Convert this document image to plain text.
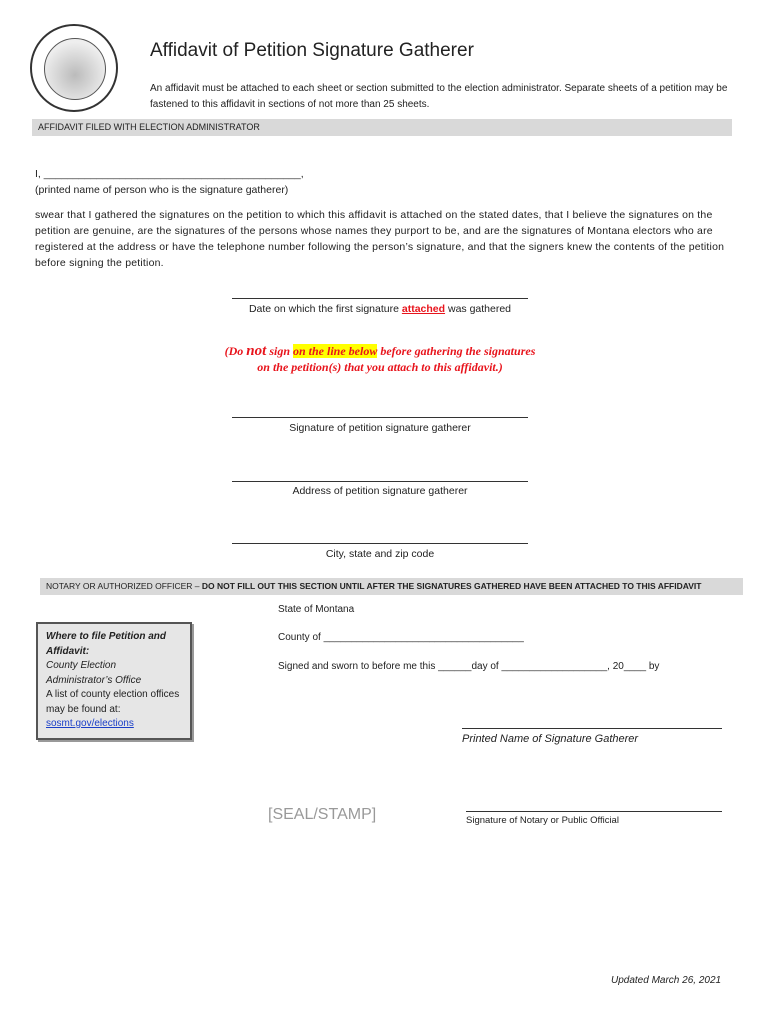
Affidavit of Petition Signature Gatherer
An affidavit must be attached to each sheet or section submitted to the election administrator. Separate sheets of a petition may be fastened to this affidavit in sections of not more than 25 sheets.
AFFIDAVIT FILED WITH ELECTION ADMINISTRATOR
I, ____________________________________________,
(printed name of person who is the signature gatherer)
swear that I gathered the signatures on the petition to which this affidavit is attached on the stated dates, that I believe the signatures on the petition are genuine, are the signatures of the persons whose names they purport to be, and are the signatures of Montana electors who are registered at the address or have the telephone number following the person’s signature, and that the signers knew the contents of the petition before signing the petition.
Date on which the first signature attached was gathered
(Do not sign on the line below before gathering the signatures
on the petition(s) that you attach to this affidavit.)
Signature of petition signature gatherer
Address of petition signature gatherer
City, state and zip code
NOTARY OR AUTHORIZED OFFICER – DO NOT FILL OUT THIS SECTION UNTIL AFTER THE SIGNATURES GATHERED HAVE BEEN ATTACHED TO THIS AFFIDAVIT
State of Montana
County of ____________________________________
Signed and sworn to before me this ______day of ___________________, 20____ by
Where to file Petition and Affidavit:
County Election Administrator’s Office
A list of county election offices may be found at:
sosmt.gov/elections
Printed Name of Signature Gatherer
[SEAL/STAMP]	Signature of Notary or Public Official
Updated March 26, 2021
